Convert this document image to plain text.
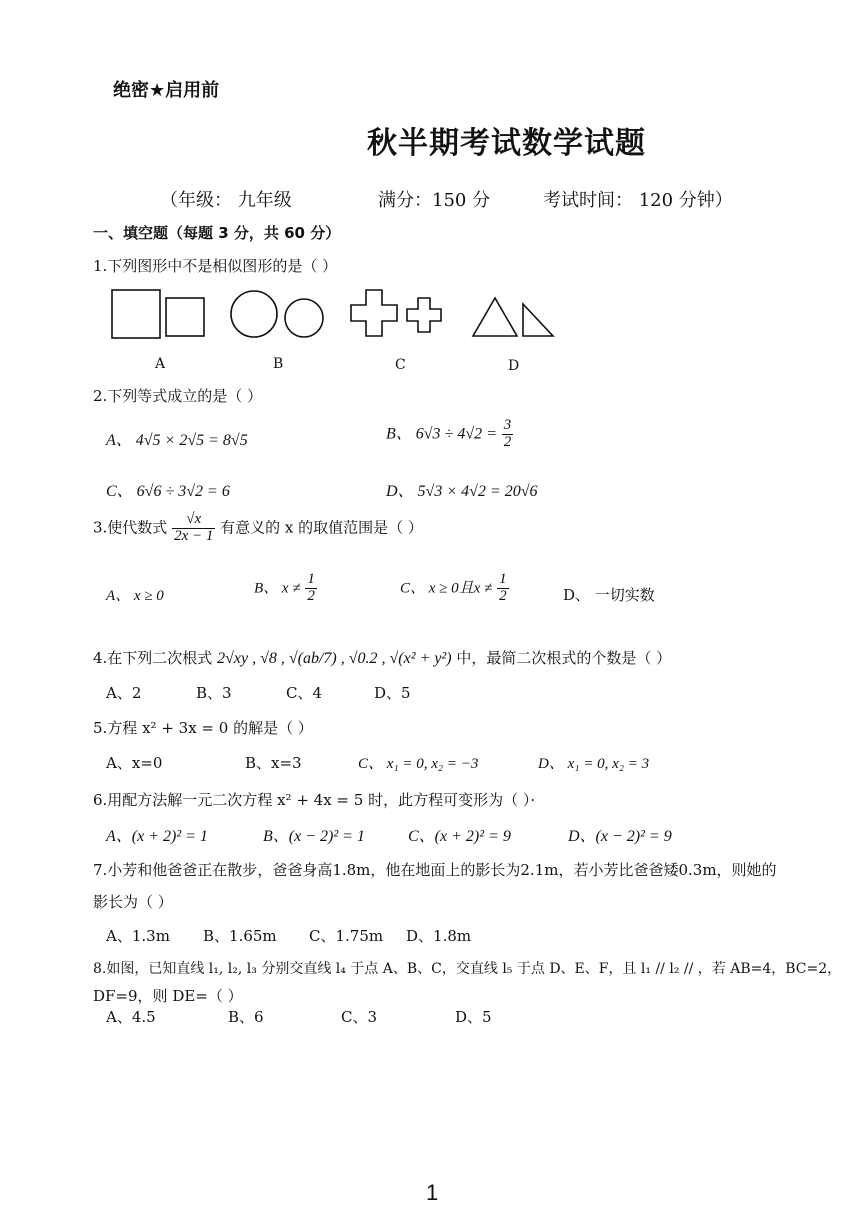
绝密★启用前
秋半期考试数学试题
（年级： 九年级	满分：150 分	考试时间： 120 分钟）
一、填空题（每题 3 分，共 60 分）
1.下列图形中不是相似图形的是（ ）
A	B	C	D
2.下列等式成立的是（ ）
A、 4√5 × 2√5 = 8√5	B、 $6√3 \div 4√2 = \frac{3}{2}$
C、 6√6 ÷ 3√2 = 6	D、 5√3 × 4√2 = 20√6
3.使代数式 $\frac{√x}{2x - 1}$ 有意义的 x 的取值范围是（ ）
A、 x ≥ 0	B、 $x \ne \frac{1}{2}$	C、 x ≥ 0且$x \ne \frac{1}{2}$	D、 一切实数
4.在下列二次根式 2√xy , √8 , √(ab/7) , √0.2 , √(x² + y²) 中，最简二次根式的个数是（ ）
A、2	B、3	C、4	D、5
5.方程 x² + 3x = 0 的解是（ ）
A、x=0	B、x=3	C、 x₁ = 0, x₂ = −3	D、 x₁ = 0, x₂ = 3
6.用配方法解一元二次方程 x² + 4x = 5 时，此方程可变形为（ ）·
A、(x + 2)² = 1	B、(x − 2)² = 1	C、(x + 2)² = 9	D、(x − 2)² = 9
7.小芳和他爸爸正在散步，爸爸身高1.8m，他在地面上的影长为2.1m，若小芳比爸爸矮0.3m，则她的
影长为（ ）
A、1.3m B、1.65m C、1.75m D、1.8m
8.如图，已知直线 l₁, l₂, l₃ 分别交直线 l₄ 于点 A、B、C，交直线 l₅ 于点 D、E、F，且 l₁ // l₂ // ，若 AB=4，BC=2，
DF=9，则 DE=（ ）
A、4.5	B、6	C、3	D、5
1
